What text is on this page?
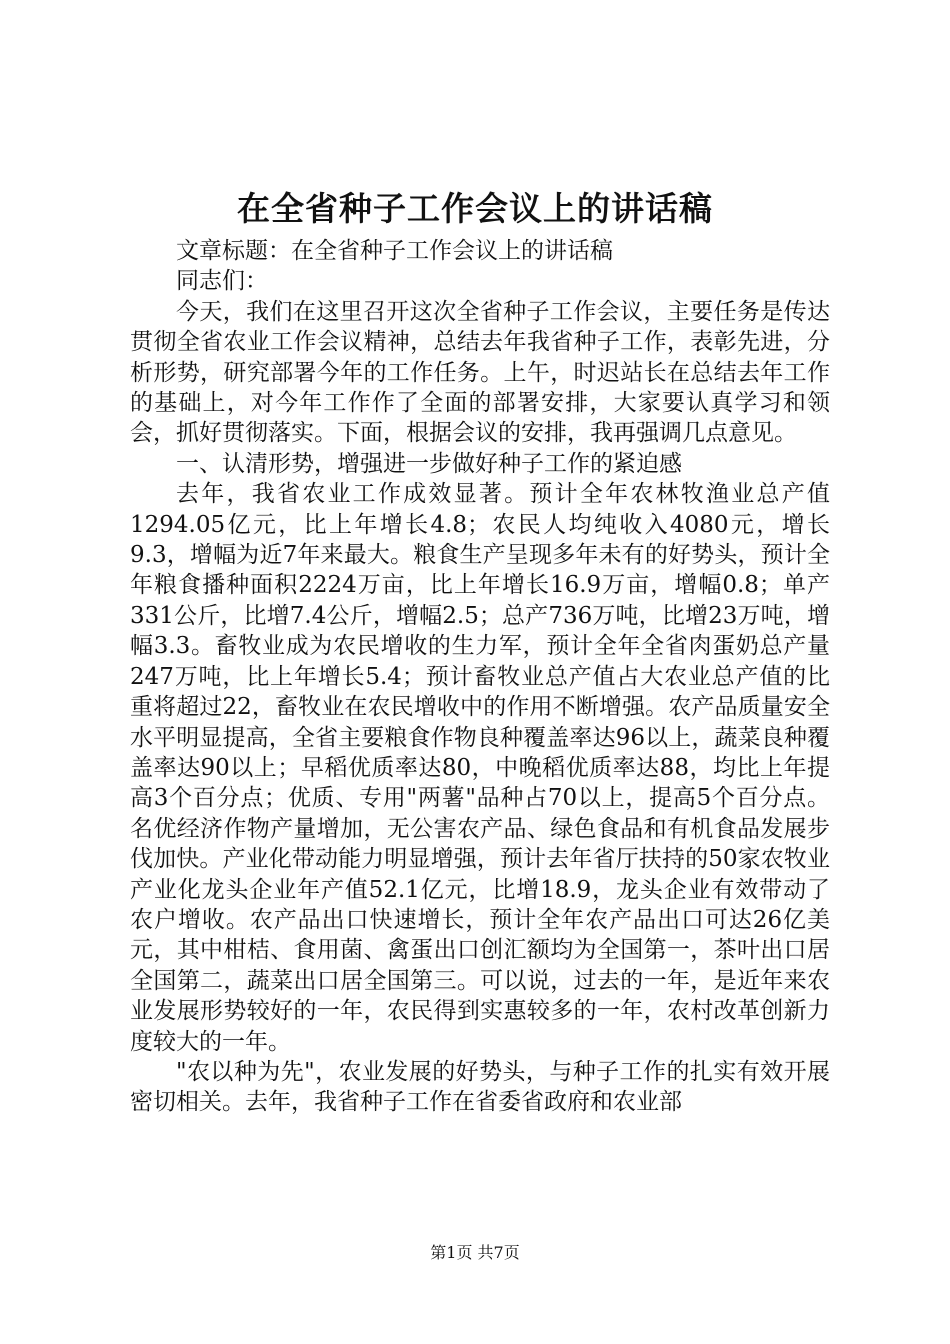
在全省种子工作会议上的讲话稿

文章标题：在全省种子工作会议上的讲话稿

同志们：

今天，我们在这里召开这次全省种子工作会议，主要任务是传达贯彻全省农业工作会议精神，总结去年我省种子工作，表彰先进，分析形势，研究部署今年的工作任务。上午，时迟站长在总结去年工作的基础上，对今年工作作了全面的部署安排，大家要认真学习和领会，抓好贯彻落实。下面，根据会议的安排，我再强调几点意见。

一、认清形势，增强进一步做好种子工作的紧迫感

去年，我省农业工作成效显著。预计全年农林牧渔业总产值1294.05亿元，比上年增长4.8；农民人均纯收入4080元，增长9.3，增幅为近7年来最大。粮食生产呈现多年未有的好势头，预计全年粮食播种面积2224万亩，比上年增长16.9万亩，增幅0.8；单产331公斤，比增7.4公斤，增幅2.5；总产736万吨，比增23万吨，增幅3.3。畜牧业成为农民增收的生力军，预计全年全省肉蛋奶总产量247万吨，比上年增长5.4；预计畜牧业总产值占大农业总产值的比重将超过22，畜牧业在农民增收中的作用不断增强。农产品质量安全水平明显提高，全省主要粮食作物良种覆盖率达96以上，蔬菜良种覆盖率达90以上；早稻优质率达80，中晚稻优质率达88，均比上年提高3个百分点；优质、专用"两薯"品种占70以上，提高5个百分点。名优经济作物产量增加，无公害农产品、绿色食品和有机食品发展步伐加快。产业化带动能力明显增强，预计去年省厅扶持的50家农牧业产业化龙头企业年产值52.1亿元，比增18.9，龙头企业有效带动了农户增收。农产品出口快速增长，预计全年农产品出口可达26亿美元，其中柑桔、食用菌、禽蛋出口创汇额均为全国第一，茶叶出口居全国第二，蔬菜出口居全国第三。可以说，过去的一年，是近年来农业发展形势较好的一年，农民得到实惠较多的一年，农村改革创新力度较大的一年。

"农以种为先"，农业发展的好势头，与种子工作的扎实有效开展密切相关。去年，我省种子工作在省委省政府和农业部

第1页 共7页
